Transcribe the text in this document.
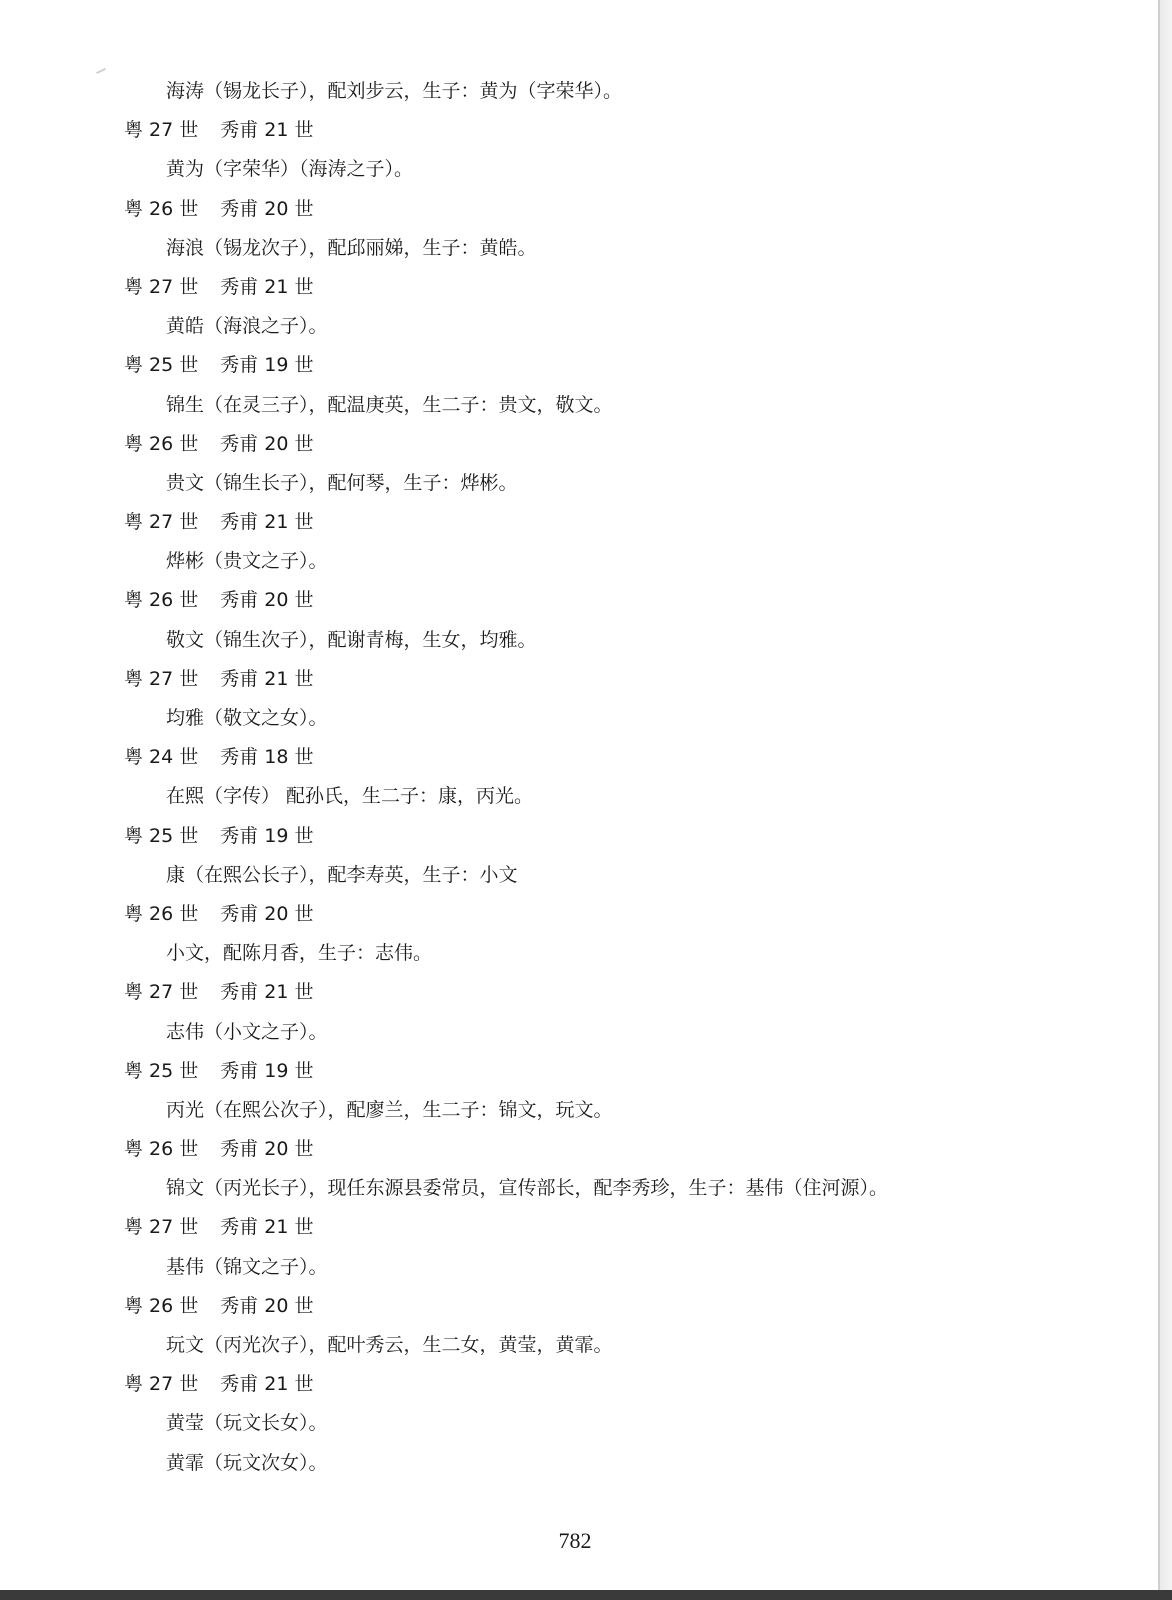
海涛（锡龙长子），配刘步云，生子：黄为（字荣华）。
粤 27 世 秀甫 21 世
黄为（字荣华）（海涛之子）。
粤 26 世 秀甫 20 世
海浪（锡龙次子），配邱丽娣，生子：黄皓。
粤 27 世 秀甫 21 世
黄皓（海浪之子）。
粤 25 世 秀甫 19 世
锦生（在灵三子），配温庚英，生二子：贵文，敬文。
粤 26 世 秀甫 20 世
贵文（锦生长子），配何琴，生子：烨彬。
粤 27 世 秀甫 21 世
烨彬（贵文之子）。
粤 26 世 秀甫 20 世
敬文（锦生次子），配谢青梅，生女，均雅。
粤 27 世 秀甫 21 世
均雅（敬文之女）。
粤 24 世 秀甫 18 世
在熙（字传） 配孙氏，生二子：康，丙光。
粤 25 世 秀甫 19 世
康（在熙公长子），配李寿英，生子：小文
粤 26 世 秀甫 20 世
小文，配陈月香，生子：志伟。
粤 27 世 秀甫 21 世
志伟（小文之子）。
粤 25 世 秀甫 19 世
丙光（在熙公次子），配廖兰，生二子：锦文，玩文。
粤 26 世 秀甫 20 世
锦文（丙光长子），现任东源县委常员，宣传部长，配李秀珍，生子：基伟（住河源）。
粤 27 世 秀甫 21 世
基伟（锦文之子）。
粤 26 世 秀甫 20 世
玩文（丙光次子），配叶秀云，生二女，黄莹，黄霏。
粤 27 世 秀甫 21 世
黄莹（玩文长女）。
黄霏（玩文次女）。
782
